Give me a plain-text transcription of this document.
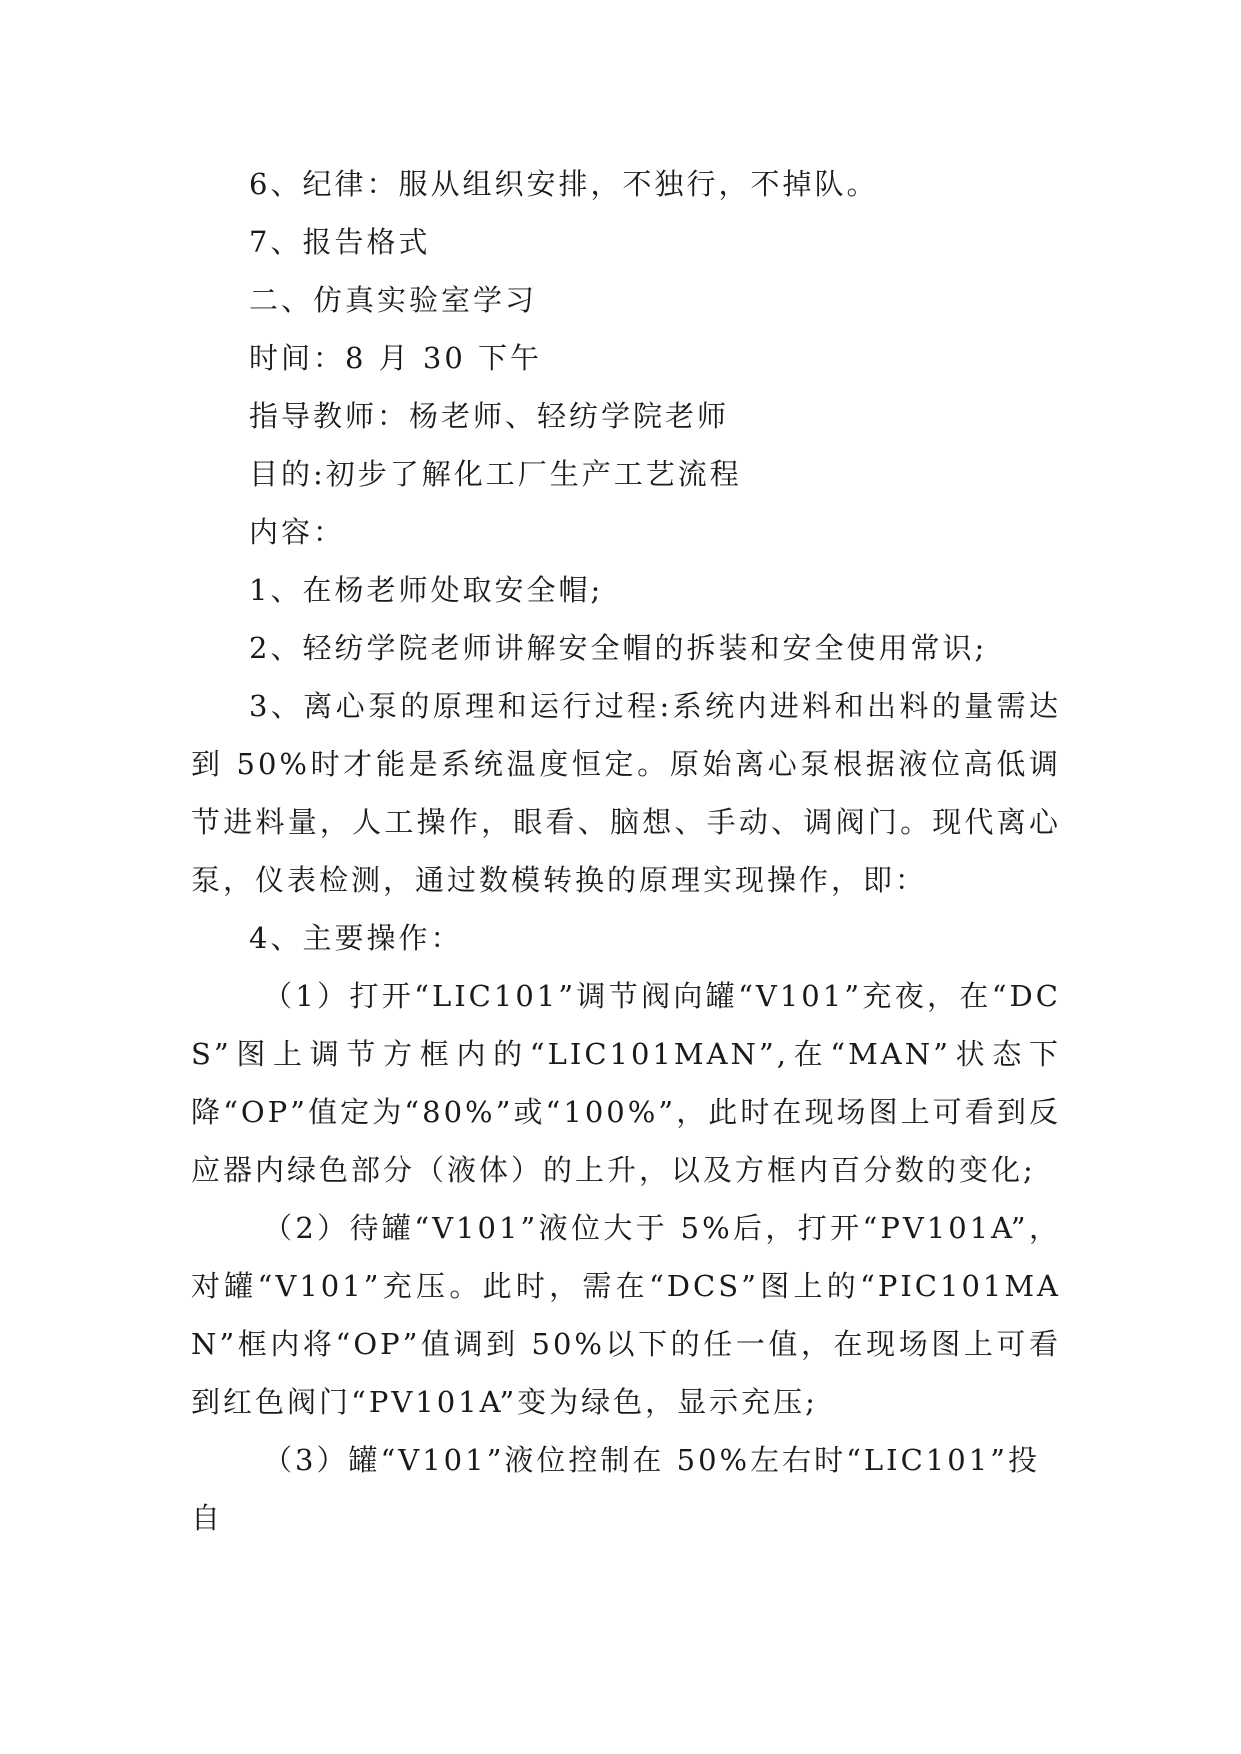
6、纪律：服从组织安排，不独行，不掉队。

7、报告格式

二、仿真实验室学习

时间：8 月 30 下午

指导教师：杨老师、轻纺学院老师

目的:初步了解化工厂生产工艺流程

内容：

1、在杨老师处取安全帽;

2、轻纺学院老师讲解安全帽的拆装和安全使用常识;

3、离心泵的原理和运行过程:系统内进料和出料的量需达到 50%时才能是系统温度恒定。原始离心泵根据液位高低调节进料量，人工操作，眼看、脑想、手动、调阀门。现代离心泵，仪表检测，通过数模转换的原理实现操作，即：

4、主要操作：

（1）打开“LIC101”调节阀向罐“V101”充夜，在“DCS”图上调节方框内的“LIC101MAN”,在“MAN”状态下降“OP”值定为“80%”或“100%”，此时在现场图上可看到反应器内绿色部分（液体）的上升，以及方框内百分数的变化;

（2）待罐“V101”液位大于 5%后，打开“PV101A”，对罐“V101”充压。此时，需在“DCS”图上的“PIC101MAN”框内将“OP”值调到 50%以下的任一值，在现场图上可看到红色阀门“PV101A”变为绿色，显示充压;

（3）罐“V101”液位控制在 50%左右时“LIC101”投自
